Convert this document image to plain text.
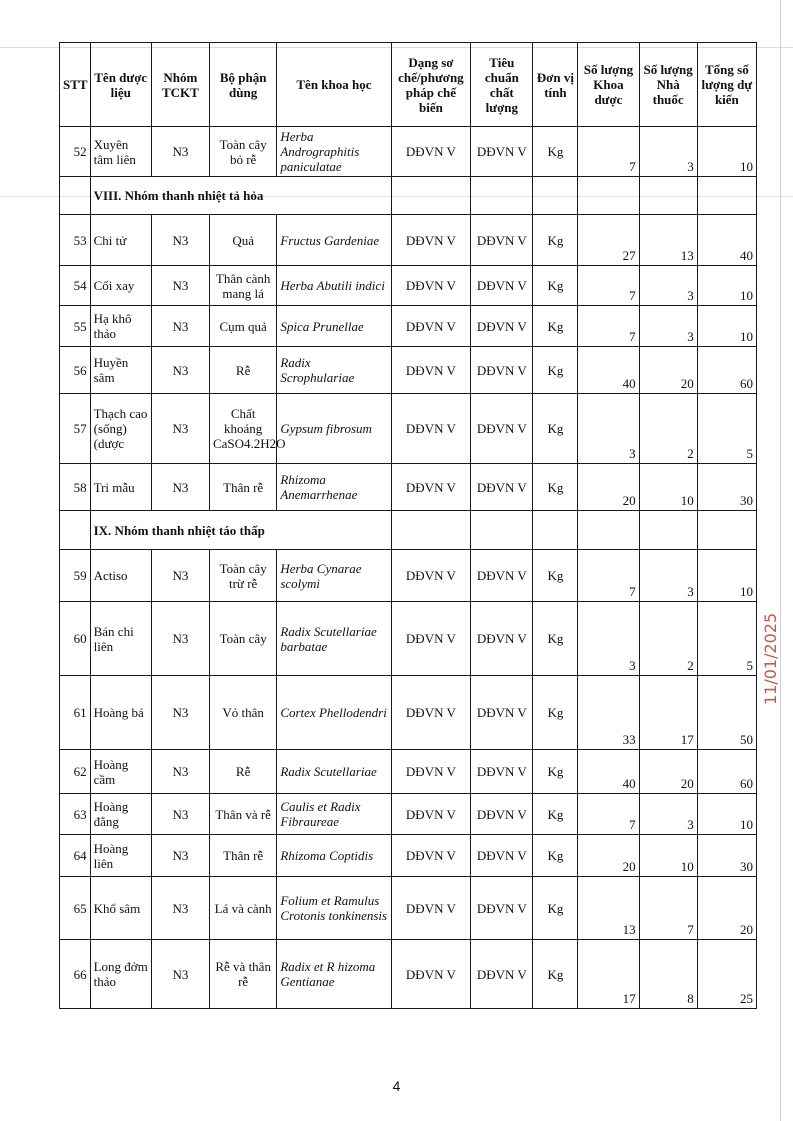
STT	Tên dược liệu	Nhóm TCKT	Bộ phận dùng	Tên khoa học	Dạng sơ chế/phương pháp chế biến	Tiêu chuẩn chất lượng	Đơn vị tính	Số lượng Khoa dược	Số lượng Nhà thuốc	Tổng số lượng dự kiến
52	Xuyên tâm liên	N3	Toàn cây bỏ rễ	Herba Andrographitis paniculatae	DĐVN V	DĐVN V	Kg	7	3	10
	VIII. Nhóm thanh nhiệt tả hỏa									
53	Chi tử	N3	Quả	Fructus Gardeniae	DĐVN V	DĐVN V	Kg	27	13	40
54	Cối xay	N3	Thân cành mang lá	Herba Abutili indici	DĐVN V	DĐVN V	Kg	7	3	10
55	Hạ khô thảo	N3	Cụm quả	Spica Prunellae	DĐVN V	DĐVN V	Kg	7	3	10
56	Huyền sâm	N3	Rễ	Radix Scrophulariae	DĐVN V	DĐVN V	Kg	40	20	60
57	Thạch cao (sống) (dược	N3	Chất khoáng CaSO4.2H2O	Gypsum fibrosum	DĐVN V	DĐVN V	Kg	3	2	5
58	Tri mẫu	N3	Thân rễ	Rhizoma Anemarrhenae	DĐVN V	DĐVN V	Kg	20	10	30
	IX. Nhóm thanh nhiệt táo thấp									
59	Actiso	N3	Toàn cây trừ rễ	Herba Cynarae scolymi	DĐVN V	DĐVN V	Kg	7	3	10
60	Bán chi liên	N3	Toàn cây	Radix Scutellariae barbatae	DĐVN V	DĐVN V	Kg	3	2	5
61	Hoàng bá	N3	Vỏ thân	Cortex Phellodendri	DĐVN V	DĐVN V	Kg	33	17	50
62	Hoàng cầm	N3	Rễ	Radix Scutellariae	DĐVN V	DĐVN V	Kg	40	20	60
63	Hoàng đằng	N3	Thân và rễ	Caulis et Radix Fibraureae	DĐVN V	DĐVN V	Kg	7	3	10
64	Hoàng liên	N3	Thân rễ	Rhizoma Coptidis	DĐVN V	DĐVN V	Kg	20	10	30
65	Khổ sâm	N3	Lá và cành	Folium et Ramulus Crotonis tonkinensis	DĐVN V	DĐVN V	Kg	13	7	20
66	Long đởm thảo	N3	Rễ và thân rễ	Radix et R hizoma Gentianae	DĐVN V	DĐVN V	Kg	17	8	25
11/01/2025
4
